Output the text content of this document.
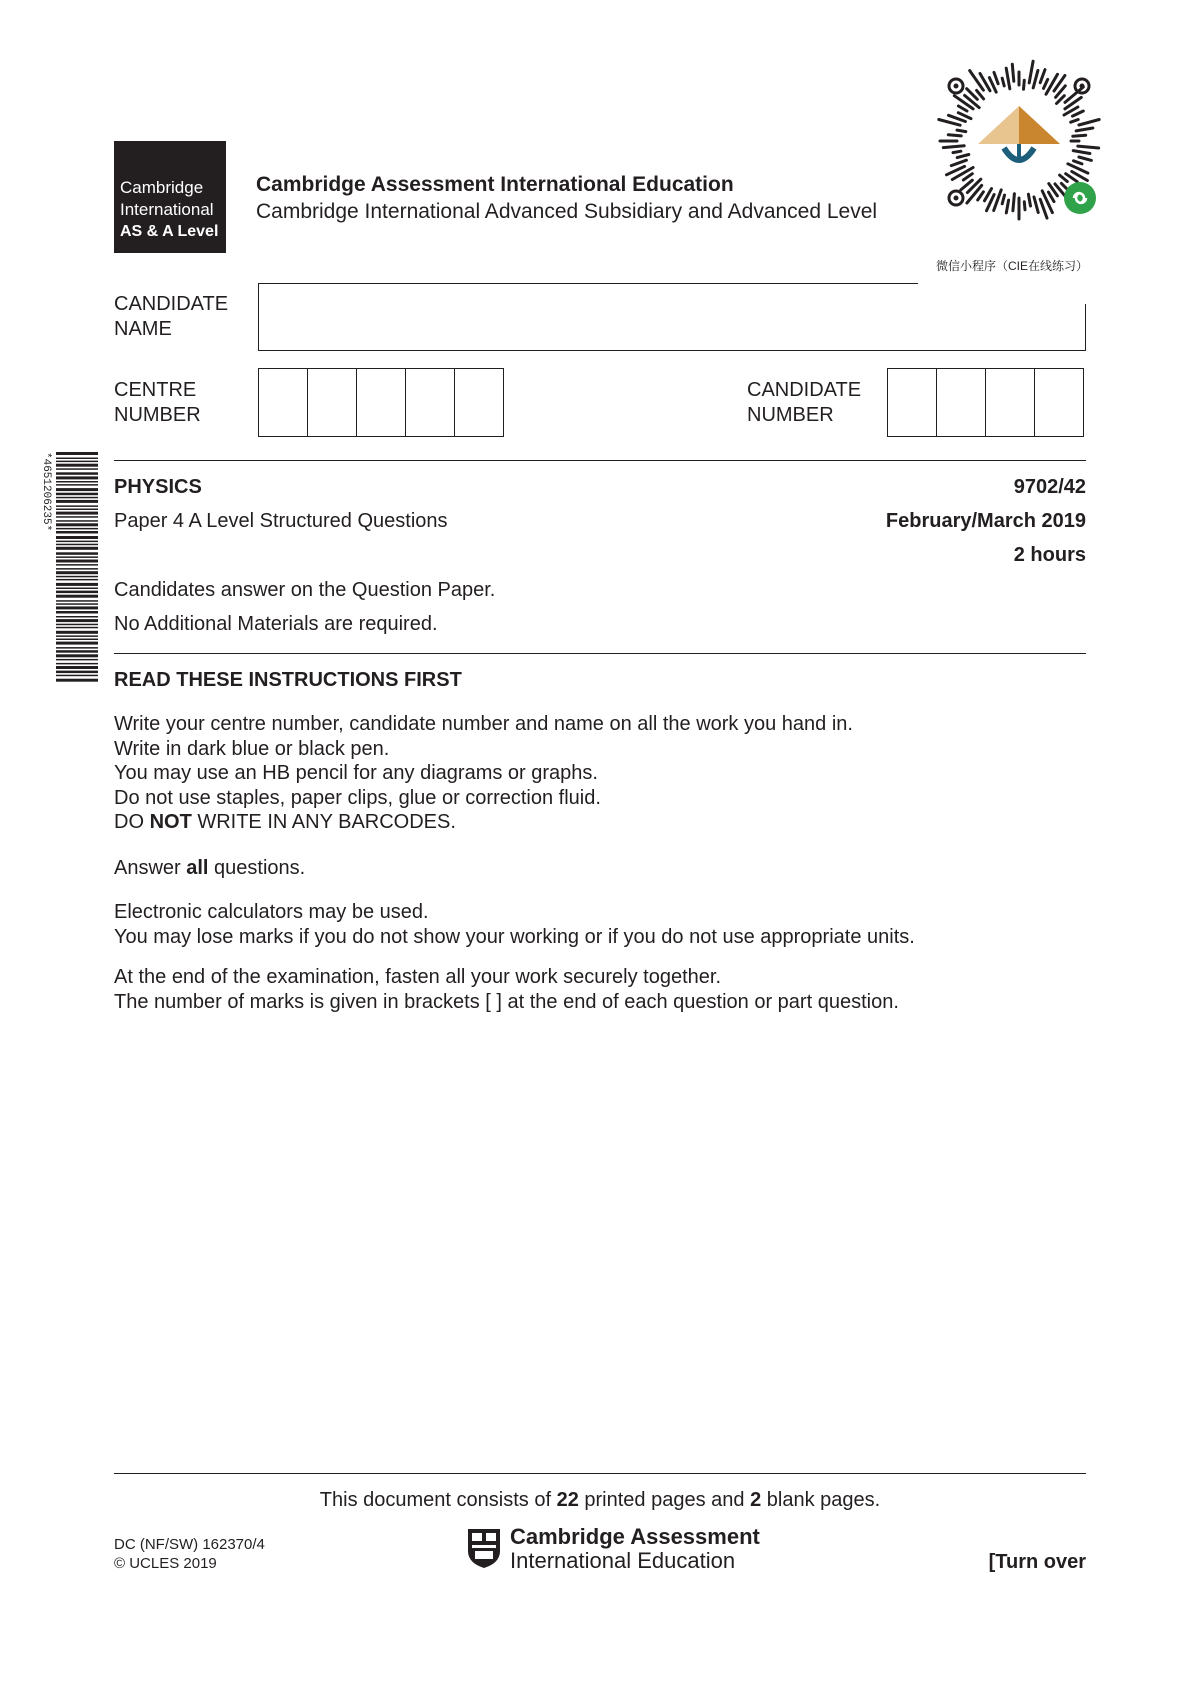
Cambridge
International
AS & A Level
Cambridge Assessment International Education
Cambridge International Advanced Subsidiary and Advanced Level
微信小程序（CIE在线练习）
CANDIDATE
NAME
CENTRE
NUMBER
CANDIDATE
NUMBER
*4651206235*	PHYSICS	9702/42
Paper 4 A Level Structured Questions	February/March 2019
2 hours
Candidates answer on the Question Paper.
No Additional Materials are required.
READ THESE INSTRUCTIONS FIRST
Write your centre number, candidate number and name on all the work you hand in.
Write in dark blue or black pen.
You may use an HB pencil for any diagrams or graphs.
Do not use staples, paper clips, glue or correction fluid.
DO NOT WRITE IN ANY BARCODES.
Answer all questions.
Electronic calculators may be used.
You may lose marks if you do not show your working or if you do not use appropriate units.
At the end of the examination, fasten all your work securely together.
The number of marks is given in brackets [ ] at the end of each question or part question.
This document consists of 22 printed pages and 2 blank pages.
DC (NF/SW) 162370/4
© UCLES 2019
Cambridge Assessment
International Education	[Turn over
